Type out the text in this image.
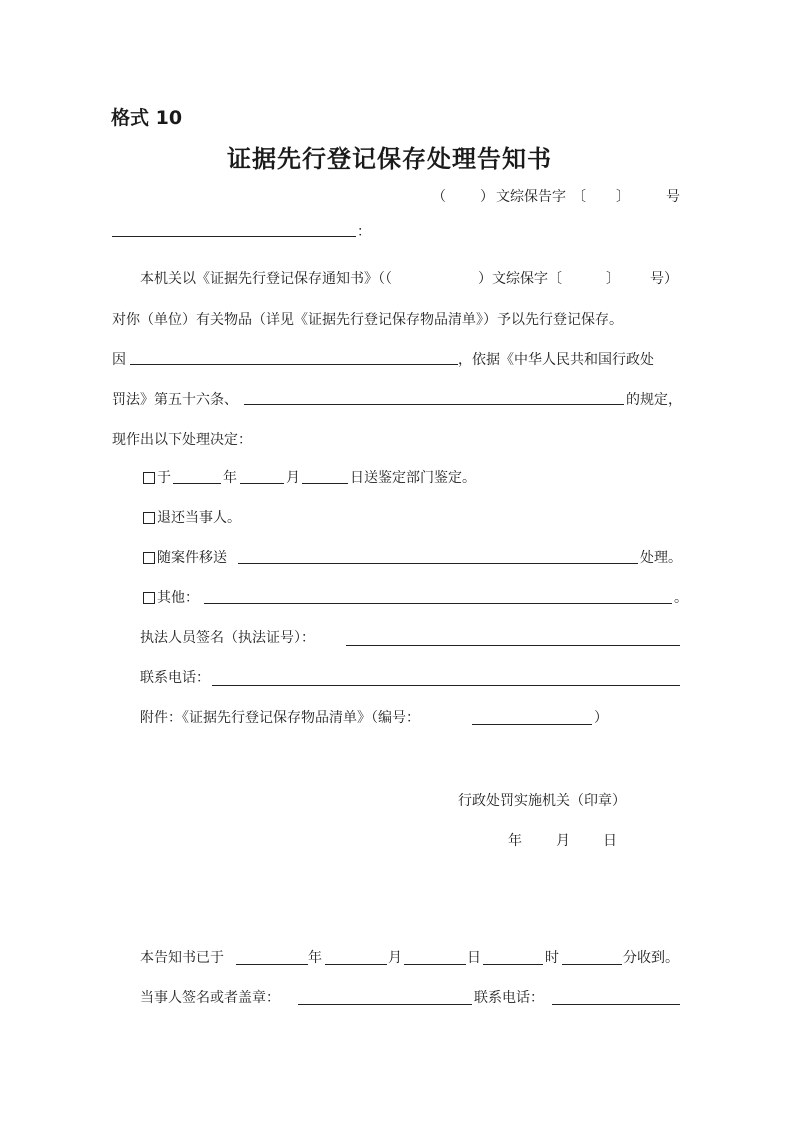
格式 10
证据先行登记保存处理告知书
（ ） 文综保告字 〔 〕	号
：
本机关以《证据先行登记保存通知书》（（	）文综保字〔	〕 号）
对你（单位）有关物品（详见《证据先行登记保存物品清单》）予以先行登记保存。
因	，依据《中华人民共和国行政处
罚法》第五十六条、	的规定，
现作出以下处理决定：
于	年	月	日送鉴定部门鉴定。
退还当事人。
随案件移送	处理。
其他：	。
执法人员签名（执法证号）：
联系电话：
附件：《证据先行登记保存物品清单》（编号：	）
行政处罚实施机关（印章）
年 月 日
本告知书已于	年	月	日	时	分收到。
当事人签名或者盖章：	联系电话：
